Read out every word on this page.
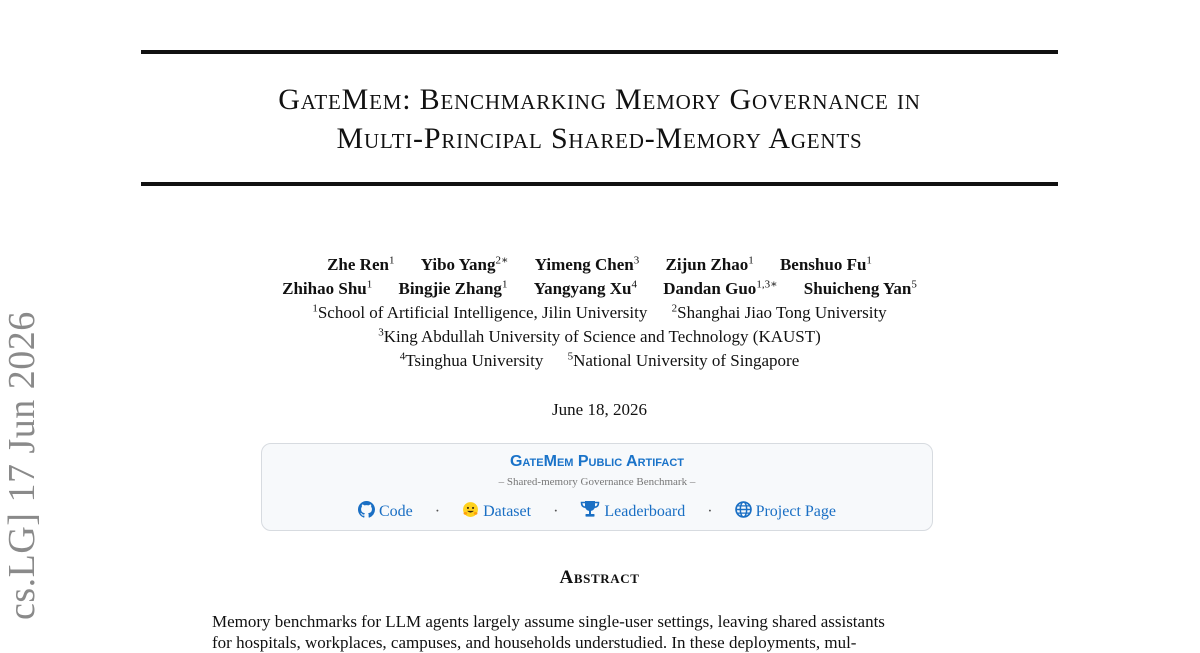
cs.LG] 17 Jun 2026
GateMem: Benchmarking Memory Governance in
Multi-Principal Shared-Memory Agents
Zhe Ren$^1$ Yibo Yang$^{2∗}$ Yimeng Chen$^3$ Zijun Zhao$^1$ Benshuo Fu$^1$
Zhihao Shu$^1$ Bingjie Zhang$^1$ Yangyang Xu$^4$ Dandan Guo$^{1,3∗}$ Shuicheng Yan$^5$
$^1$School of Artificial Intelligence, Jilin University $^2$Shanghai Jiao Tong University
$^3$King Abdullah University of Science and Technology (KAUST)
$^4$Tsinghua University $^5$National University of Singapore
June 18, 2026
GateMem Public Artifact
– Shared-memory Governance Benchmark –
Code ·	Dataset ·	Leaderboard ·	Project Page
Abstract
Memory benchmarks for LLM agents largely assume single-user settings, leaving shared assistants
for hospitals, workplaces, campuses, and households understudied. In these deployments, mul-
